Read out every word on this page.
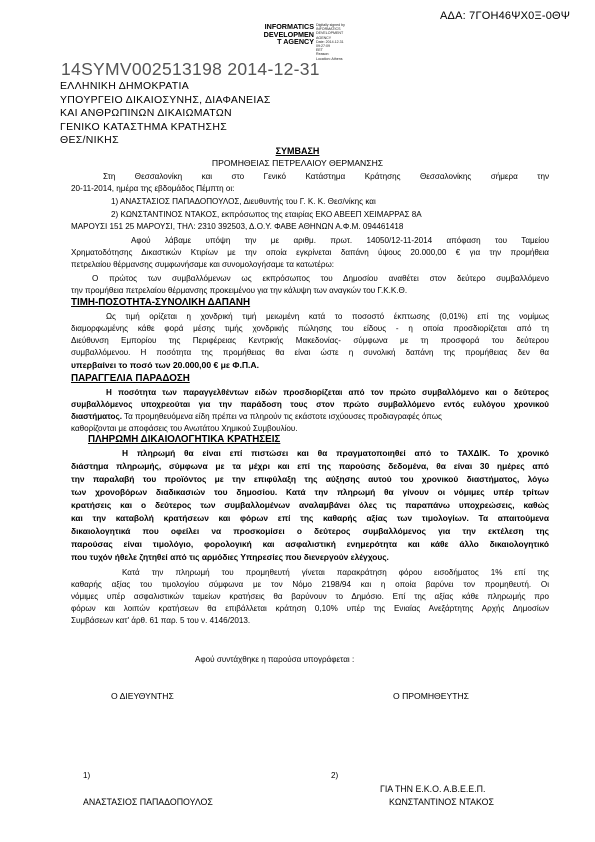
ΑΔΑ: 7ΓΟΗ46ΨΧ0Ξ-0ΘΨ
INFORMATICS
DEVELOPMEN
T AGENCYDigitally signed by
INFORMATICS
DEVELOPMENT AGENCY
Date: 2014.12.31 09:27:09
EET
Reason:
Location: Athens
14SYMV002513198 2014-12-31
ΕΛΛΗΝΙΚΗ ΔΗΜΟΚΡΑΤΙΑ
ΥΠΟΥΡΓΕΙΟ ΔΙΚΑΙΟΣΥΝΗΣ, ΔΙΑΦΑΝΕΙΑΣ
ΚΑΙ ΑΝΘΡΩΠΙΝΩΝ ΔΙΚΑΙΩΜΑΤΩΝ
ΓΕΝΙΚΟ ΚΑΤΑΣΤΗΜΑ ΚΡΑΤΗΣΗΣ
ΘΕΣ/ΝΙΚΗΣ
ΣΥΜΒΑΣΗ
ΠΡΟΜΗΘΕΙΑΣ ΠΕΤΡΕΛΑΙΟΥ ΘΕΡΜΑΝΣΗΣ
Στη Θεσσαλονίκη και στο Γενικό Κατάστημα Κράτησης Θεσσαλονίκης σήμερα την
20-11-2014, ημέρα της εβδομάδος Πέμπτη οι:
1) ΑΝΑΣΤΑΣΙΟΣ ΠΑΠΑΔΟΠΟΥΛΟΣ, Διευθυντής του Γ. Κ. Κ. Θεσ/νίκης και
2) ΚΩΝΣΤΑΝΤΙΝΟΣ ΝΤΑΚΟΣ, εκπρόσωπος της εταιρίας ΕΚΟ ΑΒΕΕΠ ΧΕΙΜΑΡΡΑΣ 8Α
ΜΑΡΟΥΣΙ 151 25 ΜΑΡΟΥΣΙ, ΤΗΛ: 2310 392503, Δ.Ο.Υ. ΦΑΒΕ ΑΘΗΝΩΝ Α.Φ.Μ. 094461418
Αφού λάβαμε υπόψη την με αριθμ. πρωτ. 14050/12-11-2014 απόφαση του Ταμείου
Χρηματοδότησης Δικαστικών Κτιρίων με την οποία εγκρίνεται δαπάνη ύψους 20.000,00 € για την προμήθεια
πετρελαίου θέρμανσης συμφωνήσαμε και συνομολογήσαμε τα κατωτέρω:
Ο πρώτος των συμβαλλόμενων ως εκπρόσωπος του Δημοσίου αναθέτει στον δεύτερο συμβαλλόμενο
την προμήθεια πετρελαίου θέρμανσης προκειμένου για την κάλυψη των αναγκών του Γ.Κ.Κ.Θ.
ΤΙΜΗ-ΠΟΣΟΤΗΤΑ-ΣΥΝΟΛΙΚΗ ΔΑΠΑΝΗ
Ως τιμή ορίζεται η χονδρική τιμή μειωμένη κατά το ποσοστό έκπτωσης (0,01%) επί της νομίμως
διαμορφωμένης κάθε φορά μέσης τιμής χονδρικής πώλησης του είδους - η οποία προσδιορίζεται από τη
Διεύθυνση Εμπορίου της Περιφέρειας Κεντρικής Μακεδονίας- σύμφωνα με τη προσφορά του δεύτερου
συμβαλλόμενου. Η ποσότητα της προμήθειας θα είναι ώστε η συνολική δαπάνη της προμήθειας δεν θα
υπερβαίνει το ποσό των 20.000,00 € με Φ.Π.Α.
ΠΑΡΑΓΓΕΛΙΑ ΠΑΡΑΔΟΣΗ
Η ποσότητα των παραγγελθέντων ειδών προσδιορίζεται από τον πρώτο συμβαλλόμενο και ο δεύτερος
συμβαλλόμενος υποχρεούται για την παράδοση τους στον πρώτο συμβαλλόμενο εντός ευλόγου χρονικού
διαστήματος. Τα προμηθευόμενα είδη πρέπει να πληρούν τις εκάστοτε ισχύουσες προδιαγραφές όπως
καθορίζονται με αποφάσεις του Ανωτάτου Χημικού Συμβουλίου.
ΠΛΗΡΩΜΗ ΔΙΚΑΙΟΛΟΓΗΤΙΚΑ ΚΡΑΤΗΣΕΙΣ
Η πληρωμή θα είναι επί πιστώσει και θα πραγματοποιηθεί από το ΤΑΧΔΙΚ. Το χρονικό
διάστημα πληρωμής, σύμφωνα με τα μέχρι και επί της παρούσης δεδομένα, θα είναι 30 ημέρες από
την παραλαβή του προϊόντος με την επιφύλαξη της αύξησης αυτού του χρονικού διαστήματος, λόγω
των χρονοβόρων διαδικασιών του δημοσίου. Κατά την πληρωμή θα γίνουν οι νόμιμες υπέρ τρίτων
κρατήσεις και ο δεύτερος των συμβαλλομένων αναλαμβάνει όλες τις παραπάνω υποχρεώσεις, καθώς
και την καταβολή κρατήσεων και φόρων επί της καθαρής αξίας των τιμολογίων. Τα απαιτούμενα
δικαιολογητικά που οφείλει να προσκομίσει ο δεύτερος συμβαλλόμενος για την εκτέλεση της
παρούσας είναι τιμολόγιο, φορολογική και ασφαλιστική ενημερότητα και κάθε άλλο δικαιολογητικό
που τυχόν ήθελε ζητηθεί από τις αρμόδιες Υπηρεσίες που διενεργούν ελέγχους.
Κατά την πληρωμή του προμηθευτή γίνεται παρακράτηση φόρου εισοδήματος 1% επί της
καθαρής αξίας του τιμολογίου σύμφωνα με τον Νόμο 2198/94 και η οποία βαρύνει τον προμηθευτή. Οι
νόμιμες υπέρ ασφαλιστικών ταμείων κρατήσεις θα βαρύνουν το Δημόσιο. Επί της αξίας κάθε πληρωμής προ
φόρων και λοιπών κρατήσεων θα επιβάλλεται κράτηση 0,10% υπέρ της Ενιαίας Ανεξάρτητης Αρχής Δημοσίων
Συμβάσεων κατ' άρθ. 61 παρ. 5 του ν. 4146/2013.
Αφού συντάχθηκε η παρούσα υπογράφεται :
Ο ΔΙΕΥΘΥΝΤΗΣ	Ο ΠΡΟΜΗΘΕΥΤΗΣ
1)	2)
ΓΙΑ ΤΗΝ Ε.Κ.Ο. Α.Β.Ε.Ε.Π.
ΑΝΑΣΤΑΣΙΟΣ ΠΑΠΑΔΟΠΟΥΛΟΣ	ΚΩΝΣΤΑΝΤΙΝΟΣ ΝΤΑΚΟΣ
